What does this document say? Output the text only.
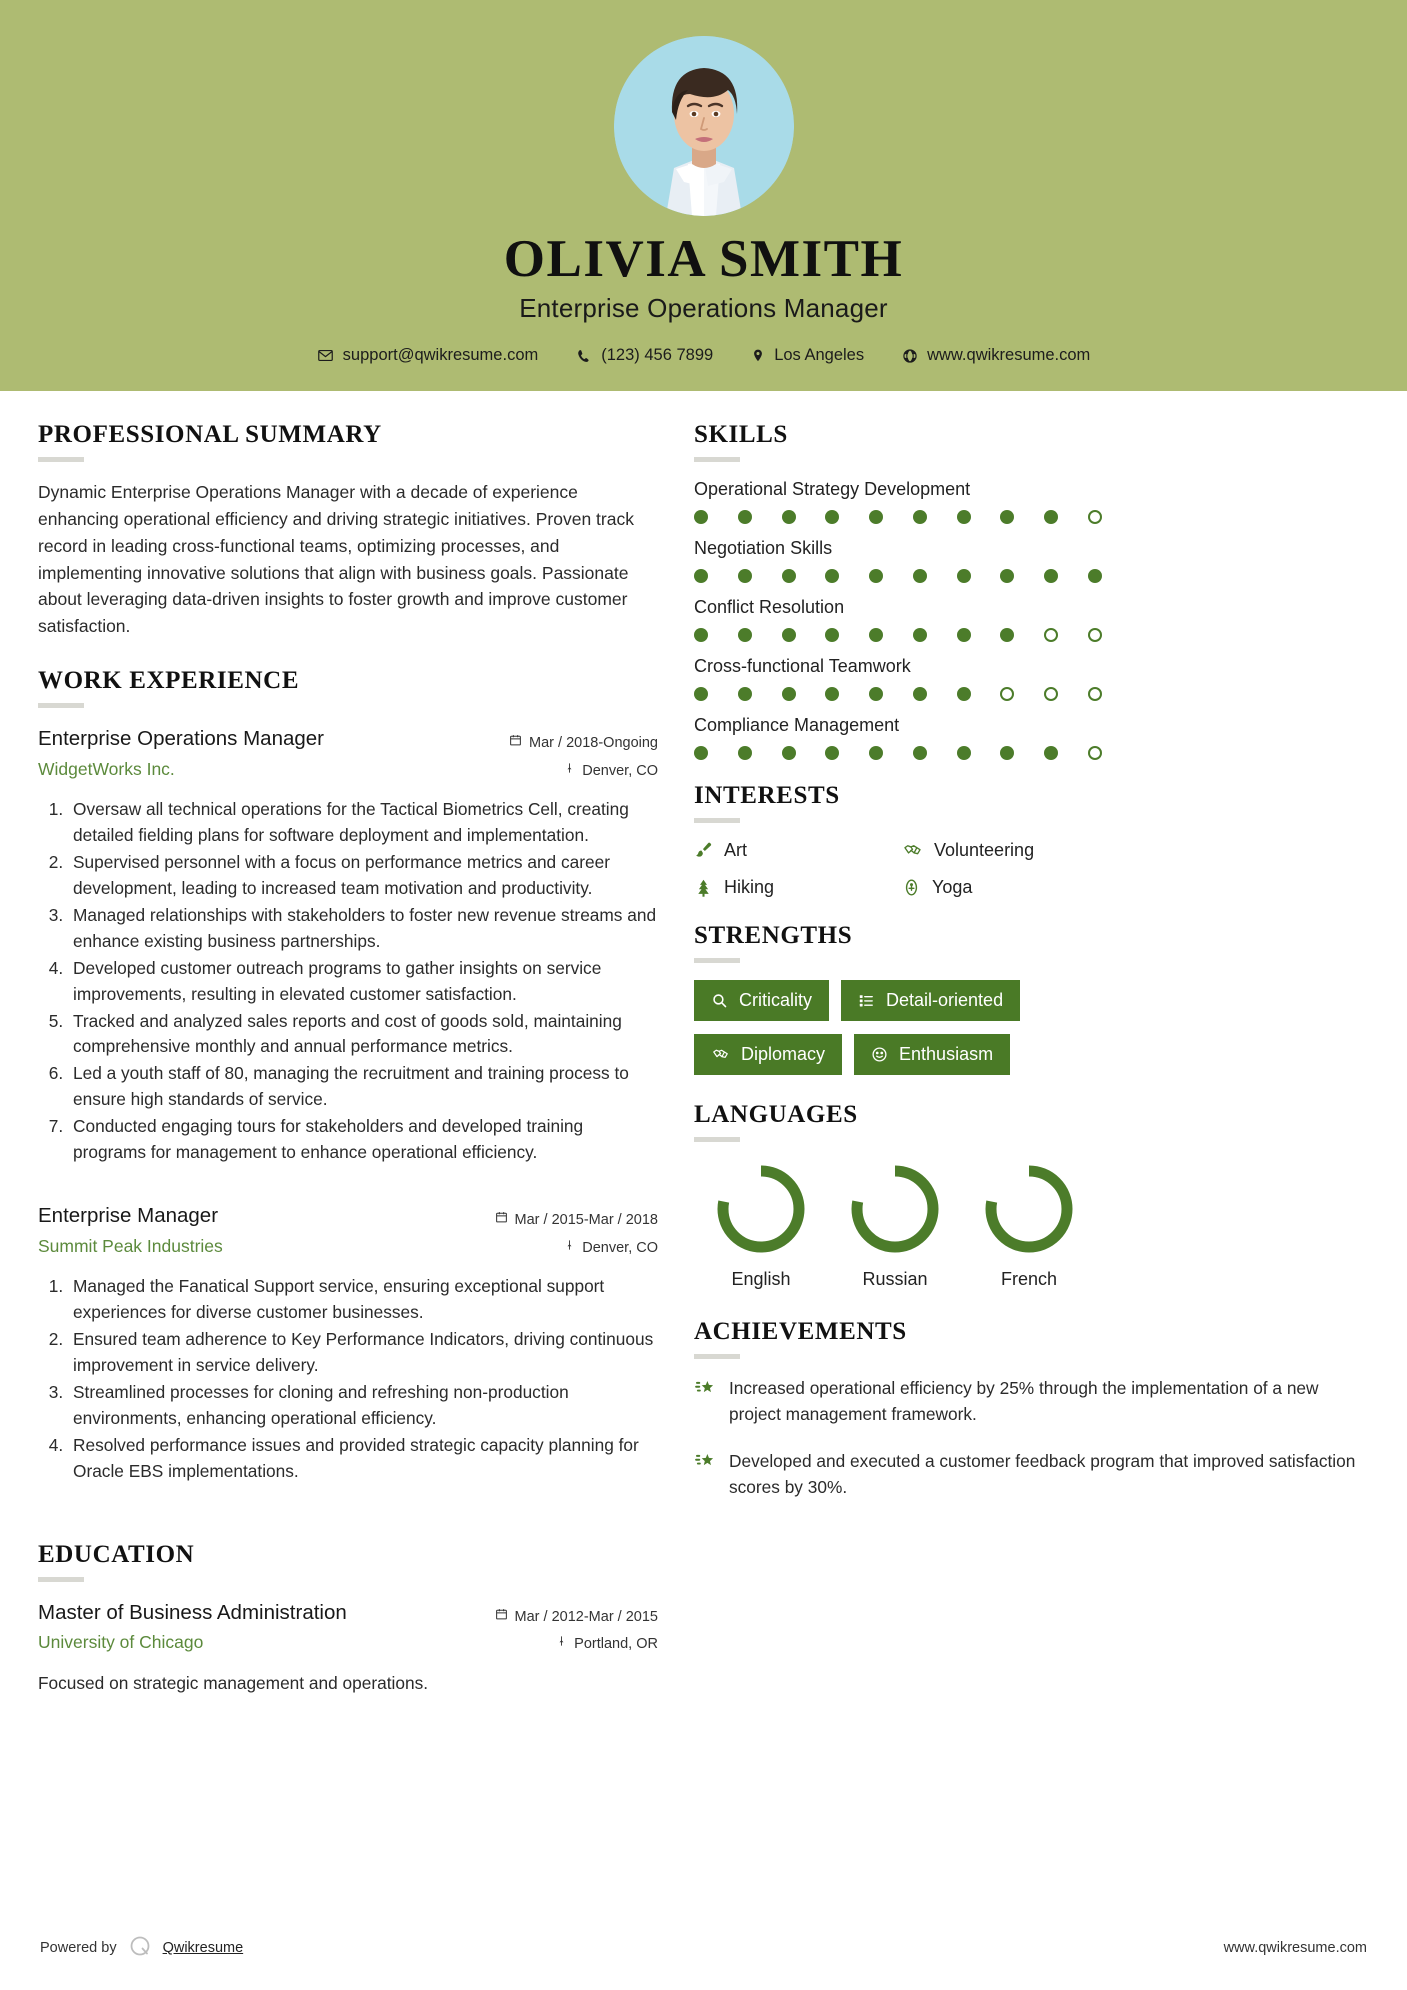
OLIVIA SMITH
Enterprise Operations Manager
support@qwikresume.com	(123) 456 7899	Los Angeles	www.qwikresume.com
PROFESSIONAL SUMMARY
Dynamic Enterprise Operations Manager with a decade of experience enhancing operational efficiency and driving strategic initiatives. Proven track record in leading cross-functional teams, optimizing processes, and implementing innovative solutions that align with business goals. Passionate about leveraging data-driven insights to foster growth and improve customer satisfaction.
WORK EXPERIENCE
Enterprise Operations Manager
WidgetWorks Inc.
Mar / 2018-Ongoing
Denver, CO
1. Oversaw all technical operations for the Tactical Biometrics Cell, creating detailed fielding plans for software deployment and implementation.
2. Supervised personnel with a focus on performance metrics and career development, leading to increased team motivation and productivity.
3. Managed relationships with stakeholders to foster new revenue streams and enhance existing business partnerships.
4. Developed customer outreach programs to gather insights on service improvements, resulting in elevated customer satisfaction.
5. Tracked and analyzed sales reports and cost of goods sold, maintaining comprehensive monthly and annual performance metrics.
6. Led a youth staff of 80, managing the recruitment and training process to ensure high standards of service.
7. Conducted engaging tours for stakeholders and developed training programs for management to enhance operational efficiency.
Enterprise Manager
Summit Peak Industries
Mar / 2015-Mar / 2018
Denver, CO
1. Managed the Fanatical Support service, ensuring exceptional support experiences for diverse customer businesses.
2. Ensured team adherence to Key Performance Indicators, driving continuous improvement in service delivery.
3. Streamlined processes for cloning and refreshing non-production environments, enhancing operational efficiency.
4. Resolved performance issues and provided strategic capacity planning for Oracle EBS implementations.
EDUCATION
Master of Business Administration
University of Chicago
Mar / 2012-Mar / 2015
Portland, OR
Focused on strategic management and operations.
SKILLS
Operational Strategy Development
Negotiation Skills
Conflict Resolution
Cross-functional Teamwork
Compliance Management
INTERESTS
Art	Volunteering
Hiking	Yoga
STRENGTHS
Criticality	Detail-oriented
Diplomacy	Enthusiasm
LANGUAGES
English	Russian	French
ACHIEVEMENTS
Increased operational efficiency by 25% through the implementation of a new project management framework.
Developed and executed a customer feedback program that improved satisfaction scores by 30%.
Powered by	Qwikresume	www.qwikresume.com
